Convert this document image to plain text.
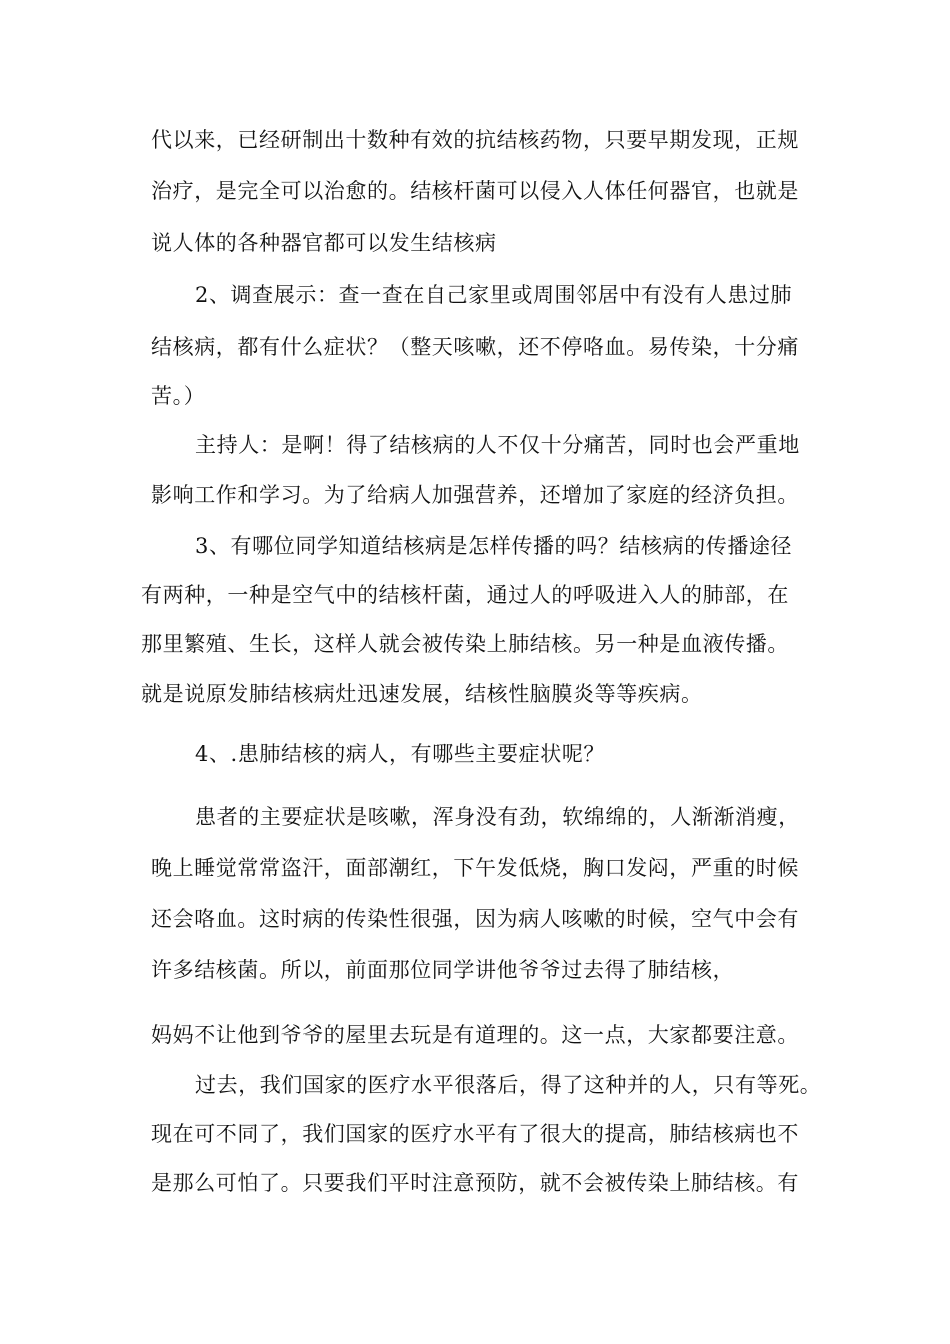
代以来，已经研制出十数种有效的抗结核药物，只要早期发现，正规
治疗，是完全可以治愈的。结核杆菌可以侵入人体任何器官，也就是
说人体的各种器官都可以发生结核病
2、调查展示：查一查在自己家里或周围邻居中有没有人患过肺
结核病，都有什么症状？（整天咳嗽，还不停咯血。易传染，十分痛
苦。）
主持人：是啊！得了结核病的人不仅十分痛苦，同时也会严重地
影响工作和学习。为了给病人加强营养，还增加了家庭的经济负担。
3、有哪位同学知道结核病是怎样传播的吗？结核病的传播途径
有两种，一种是空气中的结核杆菌，通过人的呼吸进入人的肺部，在
那里繁殖、生长，这样人就会被传染上肺结核。另一种是血液传播。
就是说原发肺结核病灶迅速发展，结核性脑膜炎等等疾病。
4、.患肺结核的病人，有哪些主要症状呢？
患者的主要症状是咳嗽，浑身没有劲，软绵绵的，人渐渐消瘦，
晚上睡觉常常盗汗，面部潮红，下午发低烧，胸口发闷，严重的时候
还会咯血。这时病的传染性很强，因为病人咳嗽的时候，空气中会有
许多结核菌。所以，前面那位同学讲他爷爷过去得了肺结核，
妈妈不让他到爷爷的屋里去玩是有道理的。这一点，大家都要注意。
过去，我们国家的医疗水平很落后，得了这种并的人，只有等死。
现在可不同了，我们国家的医疗水平有了很大的提高，肺结核病也不
是那么可怕了。只要我们平时注意预防，就不会被传染上肺结核。有
